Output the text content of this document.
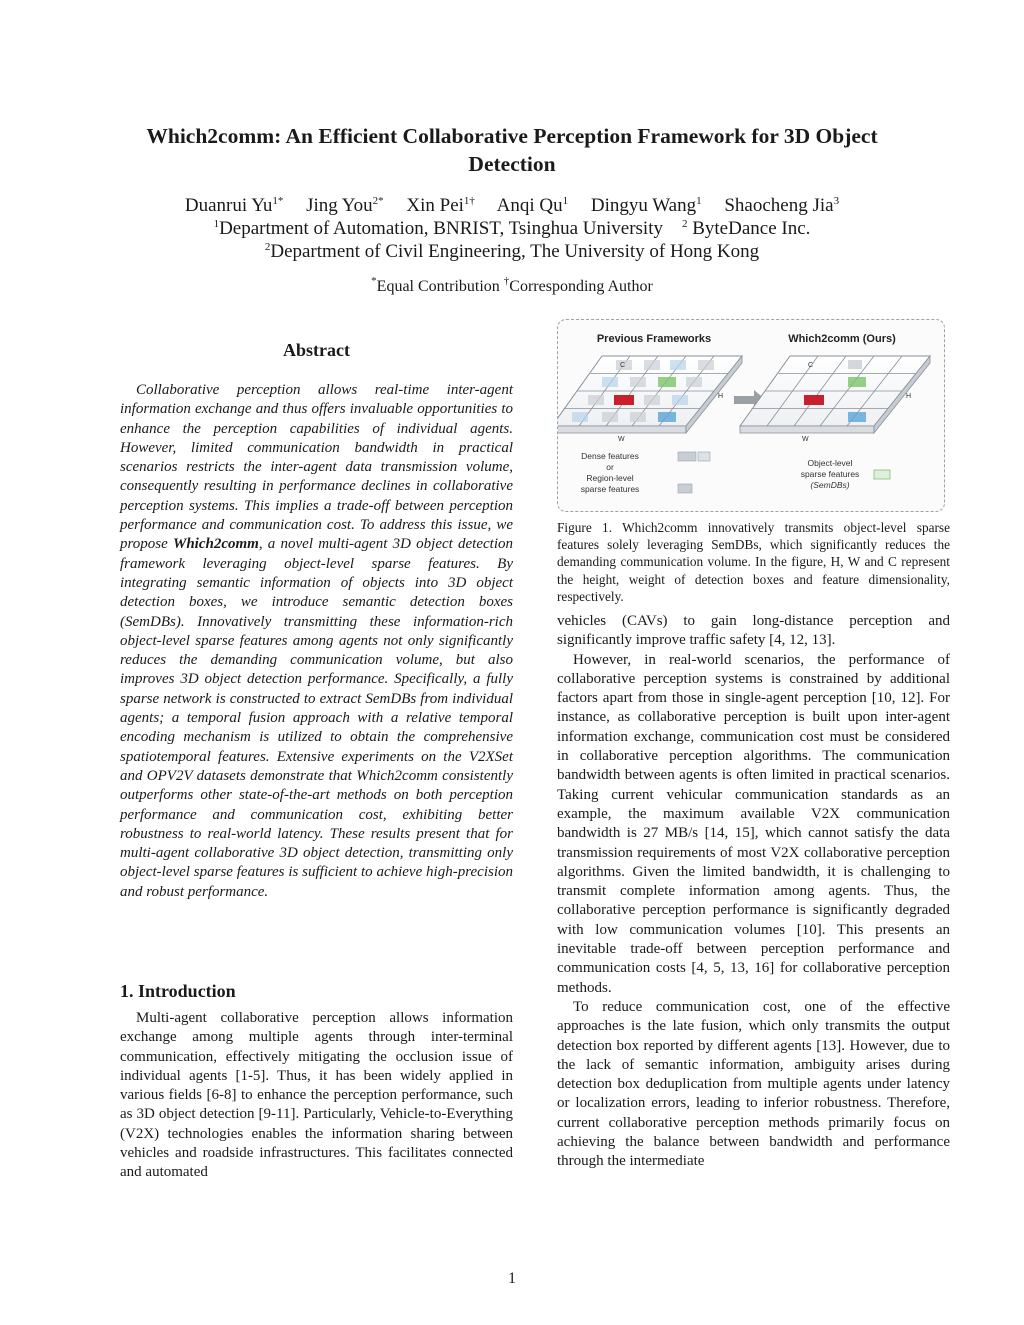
Which2comm: An Efficient Collaborative Perception Framework for 3D Object Detection
Duanrui $Yu^{1*}$ Jing You$^{2*}$ Xin Pei$^{1\dagger}$ Anqi Qu$^1$ Dingyu Wang$^1$ Shaocheng Jia$^3$
$^1$Department of Automation, BNRIST, Tsinghua University $^2$ ByteDance Inc.
$^2$Department of Civil Engineering, The University of Hong Kong
*Equal Contribution †Corresponding Author
Abstract

Collaborative perception allows real-time inter-agent information exchange and thus offers invaluable opportunities to enhance the perception capabilities of individual agents. However, limited communication bandwidth in practical scenarios restricts the inter-agent data transmission volume, consequently resulting in performance declines in collaborative perception systems. This implies a trade-off between perception performance and communication cost. To address this issue, we propose Which2comm, a novel multi-agent 3D object detection framework leveraging object-level sparse features. By integrating semantic information of objects into 3D object detection boxes, we introduce semantic detection boxes (SemDBs). Innovatively transmitting these information-rich object-level sparse features among agents not only significantly reduces the demanding communication volume, but also improves 3D object detection performance. Specifically, a fully sparse network is constructed to extract SemDBs from individual agents; a temporal fusion approach with a relative temporal encoding mechanism is utilized to obtain the comprehensive spatiotemporal features. Extensive experiments on the V2XSet and OPV2V datasets demonstrate that Which2comm consistently outperforms other state-of-the-art methods on both perception performance and communication cost, exhibiting better robustness to real-world latency. These results present that for multi-agent collaborative 3D object detection, transmitting only object-level sparse features is sufficient to achieve high-precision and robust performance.

1. Introduction

Multi-agent collaborative perception allows information exchange among multiple agents through inter-terminal communication, effectively mitigating the occlusion issue of individual agents [1-5]. Thus, it has been widely applied in various fields [6-8] to enhance the perception performance, such as 3D object detection [9-11]. Particularly, Vehicle-to-Everything (V2X) technologies enables the information sharing between vehicles and roadside infrastructures. This facilitates connected and automated

Previous Frameworks	Which2comm (Ours)
C
H
W
C
H
W
Dense features
or
Region-level
sparse features
Object-level
sparse features
(SemDBs)

Figure 1. Which2comm innovatively transmits object-level sparse features solely leveraging SemDBs, which significantly reduces the demanding communication volume. In the figure, H, W and C represent the height, weight of detection boxes and feature dimensionality, respectively.

vehicles (CAVs) to gain long-distance perception and significantly improve traffic safety [4, 12, 13].

However, in real-world scenarios, the performance of collaborative perception systems is constrained by additional factors apart from those in single-agent perception [10, 12]. For instance, as collaborative perception is built upon inter-agent information exchange, communication cost must be considered in collaborative perception algorithms. The communication bandwidth between agents is often limited in practical scenarios. Taking current vehicular communication standards as an example, the maximum available V2X communication bandwidth is 27 MB/s [14, 15], which cannot satisfy the data transmission requirements of most V2X collaborative perception algorithms. Given the limited bandwidth, it is challenging to transmit complete information among agents. Thus, the collaborative perception performance is significantly degraded with low communication volumes [10]. This presents an inevitable trade-off between perception performance and communication costs [4, 5, 13, 16] for collaborative perception methods.

To reduce communication cost, one of the effective approaches is the late fusion, which only transmits the output detection box reported by different agents [13]. However, due to the lack of semantic information, ambiguity arises during detection box deduplication from multiple agents under latency or localization errors, leading to inferior robustness. Therefore, current collaborative perception methods primarily focus on achieving the balance between bandwidth and performance through the intermediate

1
